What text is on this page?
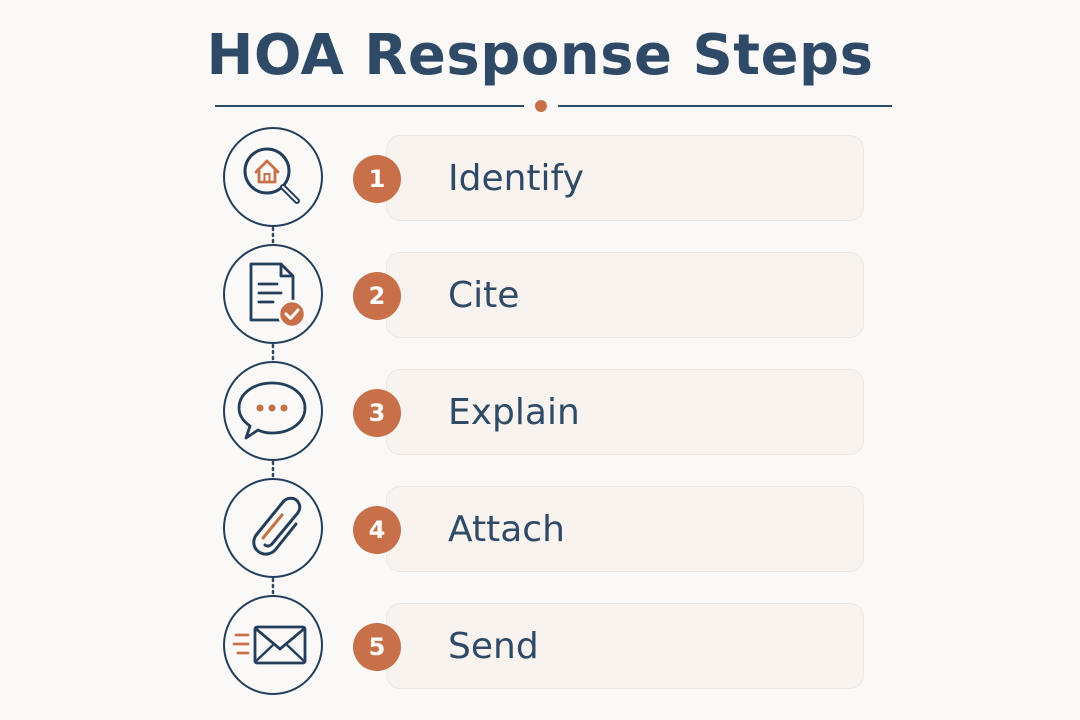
HOA Response Steps
1	Identify
2	Cite
3	Explain
4	Attach
5	Send
